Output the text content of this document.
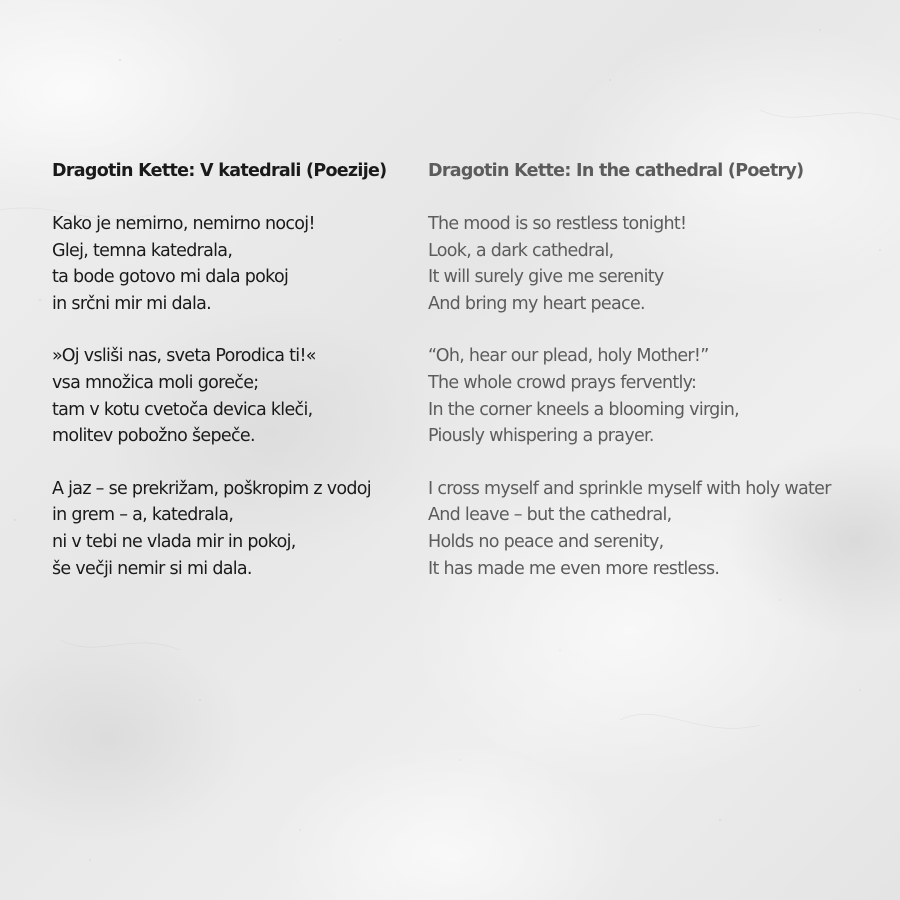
Dragotin Kette: V katedrali (Poezije)
Kako je nemirno, nemirno nocoj!
Glej, temna katedrala,
ta bode gotovo mi dala pokoj
in srčni mir mi dala.
»Oj vsliši nas, sveta Porodica ti!«
vsa množica moli goreče;
tam v kotu cvetoča devica kleči,
molitev pobožno šepeče.
A jaz – se prekrižam, poškropim z vodoj
in grem – a, katedrala,
ni v tebi ne vlada mir in pokoj,
še večji nemir si mi dala.
Dragotin Kette: In the cathedral (Poetry)
The mood is so restless tonight!
Look, a dark cathedral,
It will surely give me serenity
And bring my heart peace.
“Oh, hear our plead, holy Mother!”
The whole crowd prays fervently:
In the corner kneels a blooming virgin,
Piously whispering a prayer.
I cross myself and sprinkle myself with holy water
And leave – but the cathedral,
Holds no peace and serenity,
It has made me even more restless.
